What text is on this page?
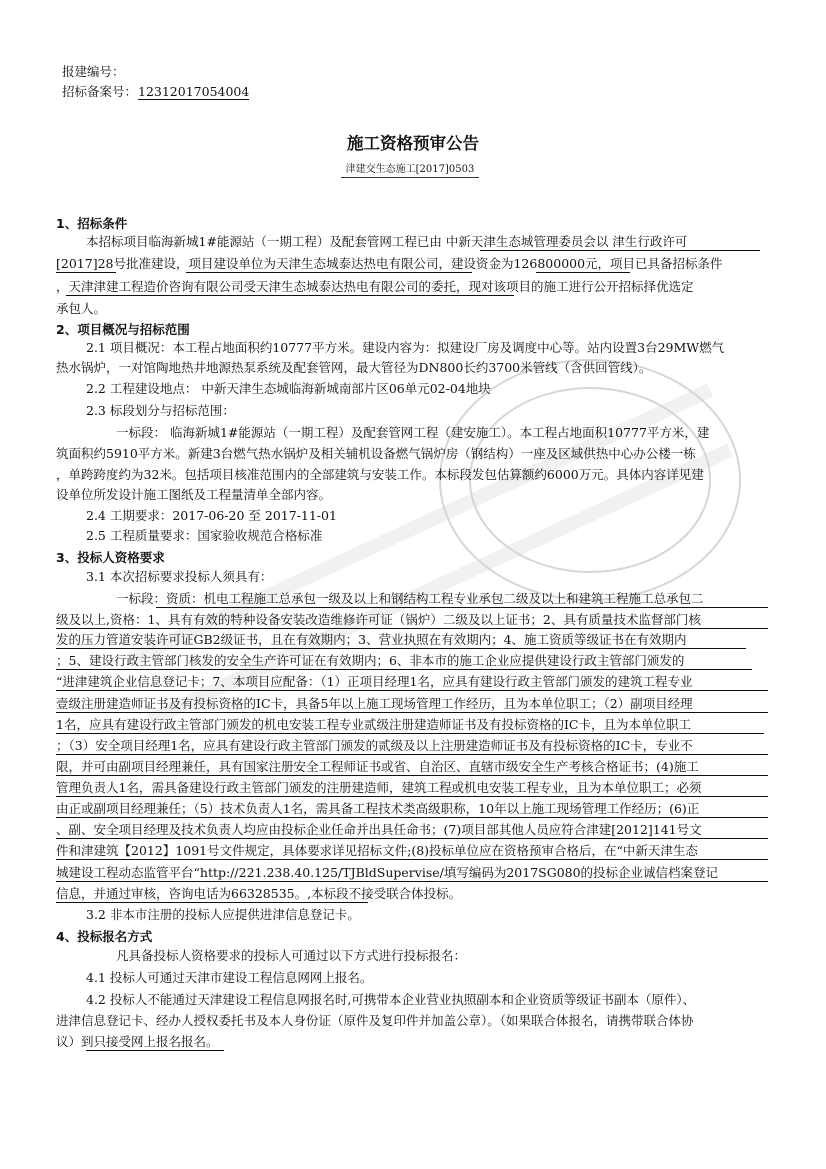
报建编号：
招标备案号： 12312017054004
施工资格预审公告
津建交生态施工[2017]0503
1、招标条件
本招标项目临海新城1#能源站（一期工程）及配套管网工程已由 中新天津生态城管理委员会以 津生行政许可
[2017]28号批准建设，项目建设单位为天津生态城泰达热电有限公司，建设资金为126800000元，项目已具备招标条件
，天津津建工程造价咨询有限公司受天津生态城泰达热电有限公司的委托，现对该项目的施工进行公开招标择优选定
承包人。
2、项目概况与招标范围
2.1 项目概况：本工程占地面积约10777平方米。建设内容为：拟建设厂房及调度中心等。站内设置3台29MW燃气
热水锅炉，一对馆陶地热井地源热泵系统及配套管网，最大管径为DN800长约3700米管线（含供回管线）。
2.2 工程建设地点： 中新天津生态城临海新城南部片区06单元02-04地块
2.3 标段划分与招标范围：
一标段： 临海新城1#能源站（一期工程）及配套管网工程（建安施工）。本工程占地面积10777平方米，建
筑面积约5910平方米。新建3台燃气热水锅炉及相关辅机设备燃气锅炉房（钢结构）一座及区域供热中心办公楼一栋
，单跨跨度约为32米。包括项目核准范围内的全部建筑与安装工作。本标段发包估算额约6000万元。具体内容详见建
设单位所发设计施工图纸及工程量清单全部内容。
2.4 工期要求：2017-06-20 至 2017-11-01
2.5 工程质量要求：国家验收规范合格标准
3、投标人资格要求
3.1 本次招标要求投标人须具有：
一标段：资质：机电工程施工总承包一级及以上和钢结构工程专业承包二级及以上和建筑工程施工总承包二
级及以上,资格：1、具有有效的特种设备安装改造维修许可证（锅炉）二级及以上证书；2、具有质量技术监督部门核
发的压力管道安装许可证GB2级证书，且在有效期内；3、营业执照在有效期内；4、施工资质等级证书在有效期内
；5、建设行政主管部门核发的安全生产许可证在有效期内；6、非本市的施工企业应提供建设行政主管部门颁发的
“进津建筑企业信息登记卡；7、本项目应配备：（1）正项目经理1名，应具有建设行政主管部门颁发的建筑工程专业
壹级注册建造师证书及有投标资格的IC卡，具备5年以上施工现场管理工作经历，且为本单位职工；（2）副项目经理
1名，应具有建设行政主管部门颁发的机电安装工程专业贰级注册建造师证书及有投标资格的IC卡，且为本单位职工
；（3）安全项目经理1名，应具有建设行政主管部门颁发的贰级及以上注册建造师证书及有投标资格的IC卡，专业不
限，并可由副项目经理兼任，具有国家注册安全工程师证书或省、自治区、直辖市级安全生产考核合格证书；(4)施工
管理负责人1名，需具备建设行政主管部门颁发的注册建造师，建筑工程或机电安装工程专业，且为本单位职工；必须
由正或副项目经理兼任；（5）技术负责人1名，需具备工程技术类高级职称，10年以上施工现场管理工作经历；(6)正
、副、安全项目经理及技术负责人均应由投标企业任命并出具任命书；(7)项目部其他人员应符合津建[2012]141号文
件和津建筑【2012】1091号文件规定，具体要求详见招标文件;(8)投标单位应在资格预审合格后，在“中新天津生态
城建设工程动态监管平台“http://221.238.40.125/TJBldSupervise/填写编码为2017SG080的投标企业诚信档案登记
信息，并通过审核，咨询电话为66328535。,本标段不接受联合体投标。
3.2 非本市注册的投标人应提供进津信息登记卡。
4、投标报名方式
凡具备投标人资格要求的投标人可通过以下方式进行投标报名：
4.1 投标人可通过天津市建设工程信息网网上报名。
4.2 投标人不能通过天津建设工程信息网报名时,可携带本企业营业执照副本和企业资质等级证书副本（原件）、
进津信息登记卡、经办人授权委托书及本人身份证（原件及复印件并加盖公章）。（如果联合体报名，请携带联合体协
议）到只接受网上报名报名。
